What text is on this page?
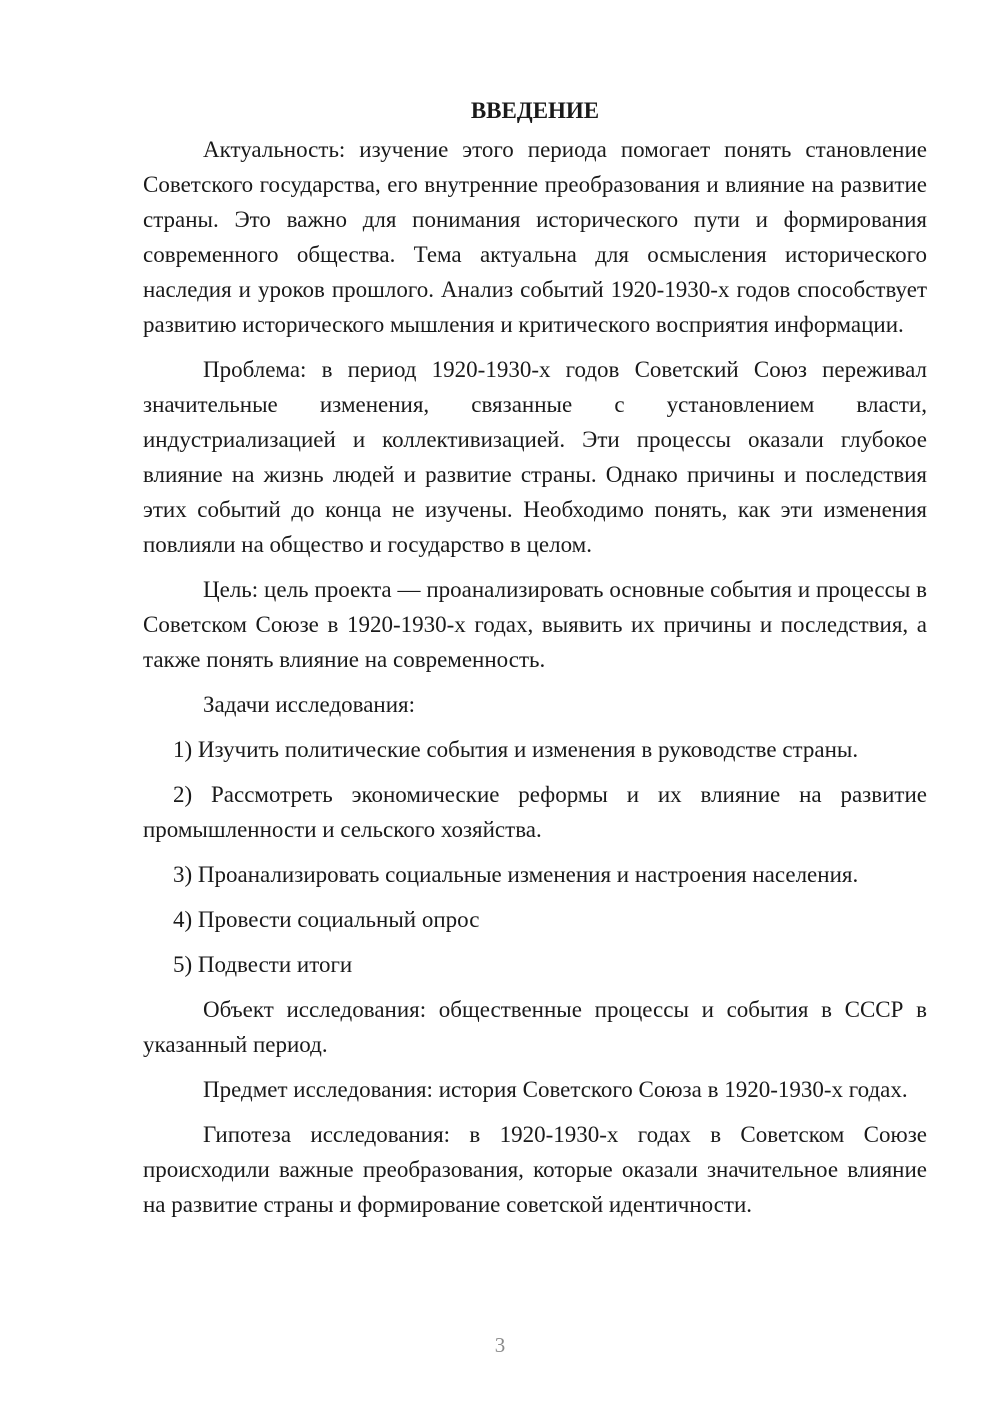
ВВЕДЕНИЕ

Актуальность: изучение этого периода помогает понять становление Советского государства, его внутренние преобразования и влияние на развитие страны. Это важно для понимания исторического пути и формирования современного общества. Тема актуальна для осмысления исторического наследия и уроков прошлого. Анализ событий 1920-1930-х годов способствует развитию исторического мышления и критического восприятия информации.

Проблема: в период 1920-1930-х годов Советский Союз переживал значительные изменения, связанные с установлением власти, индустриализацией и коллективизацией. Эти процессы оказали глубокое влияние на жизнь людей и развитие страны. Однако причины и последствия этих событий до конца не изучены. Необходимо понять, как эти изменения повлияли на общество и государство в целом.

Цель: цель проекта — проанализировать основные события и процессы в Советском Союзе в 1920-1930-х годах, выявить их причины и последствия, а также понять влияние на современность.

Задачи исследования:

1) Изучить политические события и изменения в руководстве страны.

2) Рассмотреть экономические реформы и их влияние на развитие промышленности и сельского хозяйства.

3) Проанализировать социальные изменения и настроения населения.

4) Провести социальный опрос

5) Подвести итоги

Объект исследования: общественные процессы и события в СССР в указанный период.

Предмет исследования: история Советского Союза в 1920-1930-х годах.

Гипотеза исследования: в 1920-1930-х годах в Советском Союзе происходили важные преобразования, которые оказали значительное влияние на развитие страны и формирование советской идентичности.

3
